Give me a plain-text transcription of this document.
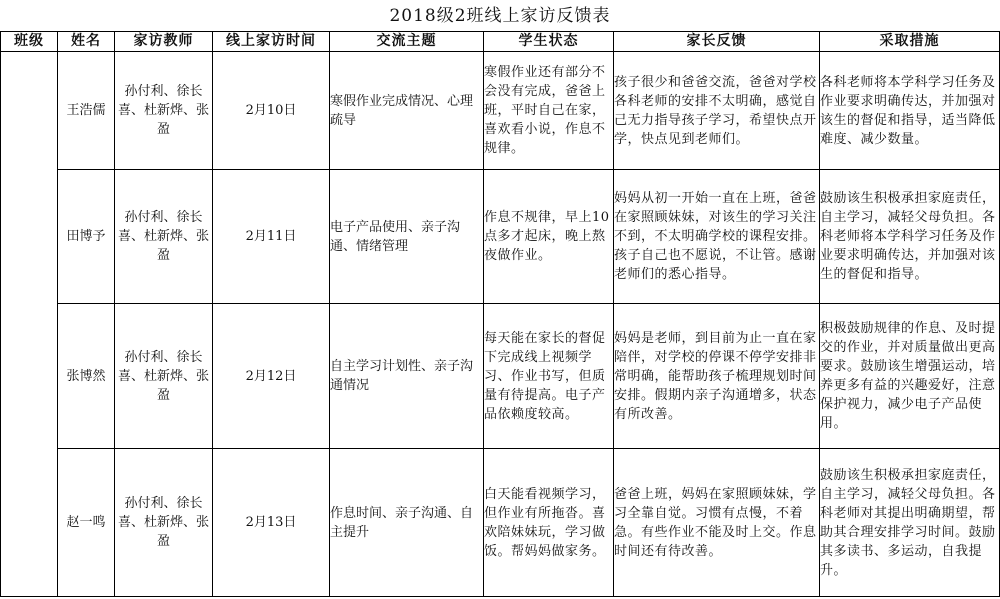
2018级2班线上家访反馈表
班级	姓名	家访教师	线上家访时间	交流主题	学生状态	家长反馈	采取措施
	王浩儒	孙付利、徐长喜、杜新烨、张盈	2月10日	寒假作业完成情况、心理疏导	寒假作业还有部分不会没有完成，爸爸上班，平时自己在家，喜欢看小说，作息不规律。	孩子很少和爸爸交流，爸爸对学校各科老师的安排不太明确，感觉自己无力指导孩子学习，希望快点开学，快点见到老师们。	各科老师将本学科学习任务及作业要求明确传达，并加强对该生的督促和指导，适当降低难度、减少数量。
	田博予	孙付利、徐长喜、杜新烨、张盈	2月11日	电子产品使用、亲子沟通、情绪管理	作息不规律，早上10点多才起床，晚上熬夜做作业。	妈妈从初一开始一直在上班，爸爸在家照顾妹妹，对该生的学习关注不到，不太明确学校的课程安排。孩子自己也不愿说，不让管。感谢老师们的悉心指导。	鼓励该生积极承担家庭责任，自主学习，减轻父母负担。各科老师将本学科学习任务及作业要求明确传达，并加强对该生的督促和指导。
	张博然	孙付利、徐长喜、杜新烨、张盈	2月12日	自主学习计划性、亲子沟通情况	每天能在家长的督促下完成线上视频学习、作业书写，但质量有待提高。电子产品依赖度较高。	妈妈是老师，到目前为止一直在家陪伴，对学校的停课不停学安排非常明确，能帮助孩子梳理规划时间安排。假期内亲子沟通增多，状态有所改善。	积极鼓励规律的作息、及时提交的作业，并对质量做出更高要求。鼓励该生增强运动，培养更多有益的兴趣爱好，注意保护视力，减少电子产品使用。
	赵一鸣	孙付利、徐长喜、杜新烨、张盈	2月13日	作息时间、亲子沟通、自主提升	白天能看视频学习，但作业有所拖沓。喜欢陪妹妹玩，学习做饭。帮妈妈做家务。	爸爸上班，妈妈在家照顾妹妹，学习全靠自觉。习惯有点慢，不着急。有些作业不能及时上交。作息时间还有待改善。	鼓励该生积极承担家庭责任，自主学习，减轻父母负担。各科老师对其提出明确期望，帮助其合理安排学习时间。鼓励其多读书、多运动，自我提升。
